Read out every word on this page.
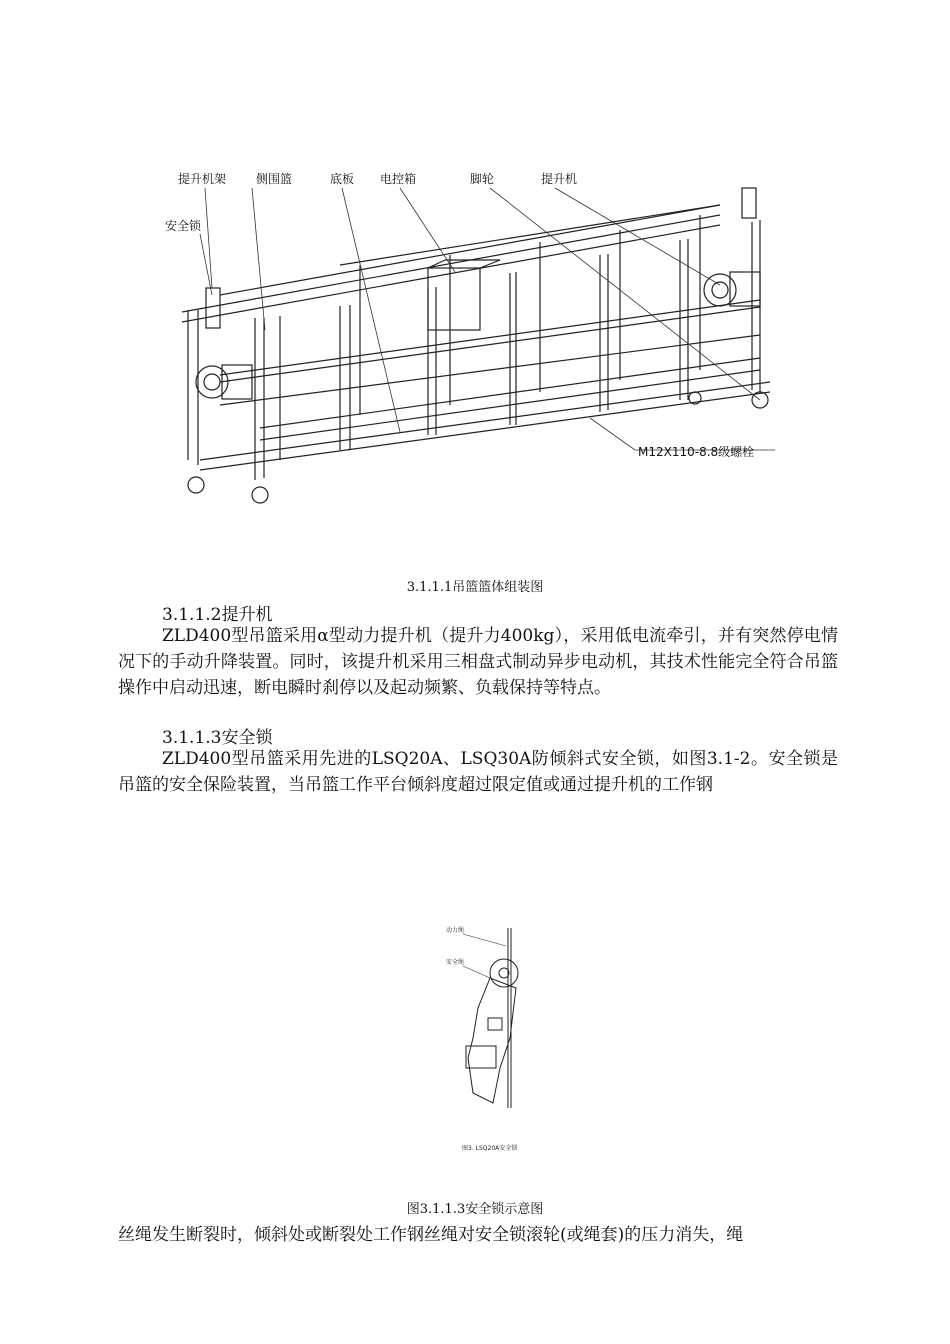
提升机架 侧围篮	底板 电控箱	脚轮	提升机
安全锁
M12X110-8.8级螺栓
3.1.1.1吊篮篮体组装图
3.1.1.2提升机
ZLD400型吊篮采用α型动力提升机（提升力400kg），采用低电流牵引，并有突然停电情况下的手动升降装置。同时，该提升机采用三相盘式制动异步电动机，其技术性能完全符合吊篮操作中启动迅速，断电瞬时刹停以及起动频繁、负载保持等特点。
3.1.1.3安全锁
ZLD400型吊篮采用先进的LSQ20A、LSQ30A防倾斜式安全锁，如图3.1-2。安全锁是吊篮的安全保险装置，当吊篮工作平台倾斜度超过限定值或通过提升机的工作钢
动力绳
安全绳
图3. LSQ20A安全锁
图3.1.1.3安全锁示意图
丝绳发生断裂时，倾斜处或断裂处工作钢丝绳对安全锁滚轮(或绳套)的压力消失，绳
